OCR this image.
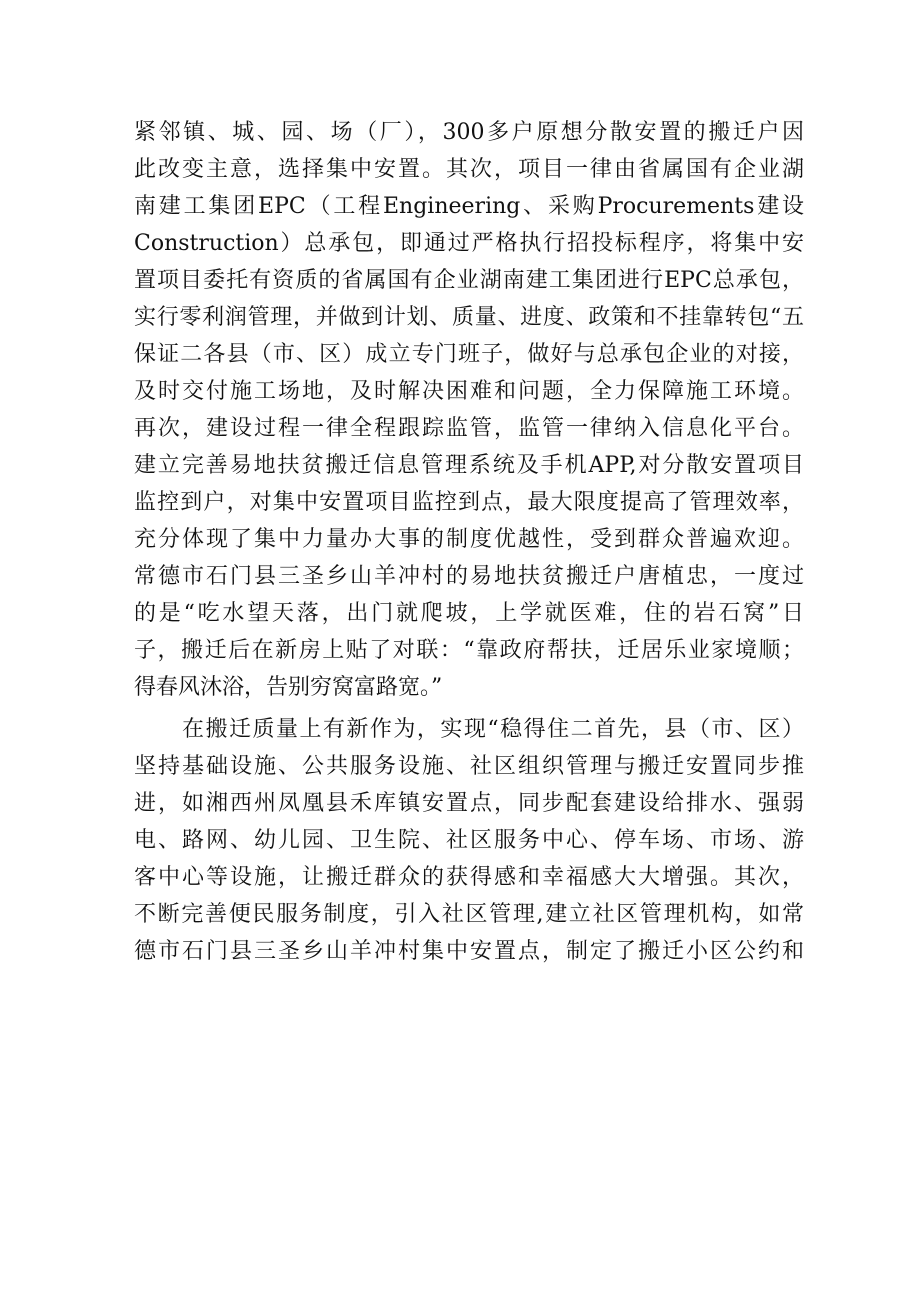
紧邻镇、城、园、场（厂），300多户原想分散安置的搬迁户因
此改变主意，选择集中安置。其次，项目一律由省属国有企业湖
南建工集团EPC（工程Engineering、采购Procurements建设
Construction）总承包，即通过严格执行招投标程序，将集中安
置项目委托有资质的省属国有企业湖南建工集团进行EPC总承包，
实行零利润管理，并做到计划、质量、进度、政策和不挂靠转包“五
保证二各县（市、区）成立专门班子，做好与总承包企业的对接，
及时交付施工场地，及时解决困难和问题，全力保障施工环境。
再次，建设过程一律全程跟踪监管，监管一律纳入信息化平台。
建立完善易地扶贫搬迁信息管理系统及手机APP,对分散安置项目
监控到户，对集中安置项目监控到点，最大限度提高了管理效率，
充分体现了集中力量办大事的制度优越性，受到群众普遍欢迎。
常德市石门县三圣乡山羊冲村的易地扶贫搬迁户唐植忠，一度过
的是“吃水望天落，出门就爬坡，上学就医难，住的岩石窝”日
子，搬迁后在新房上贴了对联：“靠政府帮扶，迁居乐业家境顺；
得春风沐浴，告别穷窝富路宽。”
在搬迁质量上有新作为，实现“稳得住二首先，县（市、区）
坚持基础设施、公共服务设施、社区组织管理与搬迁安置同步推
进，如湘西州凤凰县禾库镇安置点，同步配套建设给排水、强弱
电、路网、幼儿园、卫生院、社区服务中心、停车场、市场、游
客中心等设施，让搬迁群众的获得感和幸福感大大增强。其次，
不断完善便民服务制度，引入社区管理,建立社区管理机构，如常
德市石门县三圣乡山羊冲村集中安置点，制定了搬迁小区公约和
